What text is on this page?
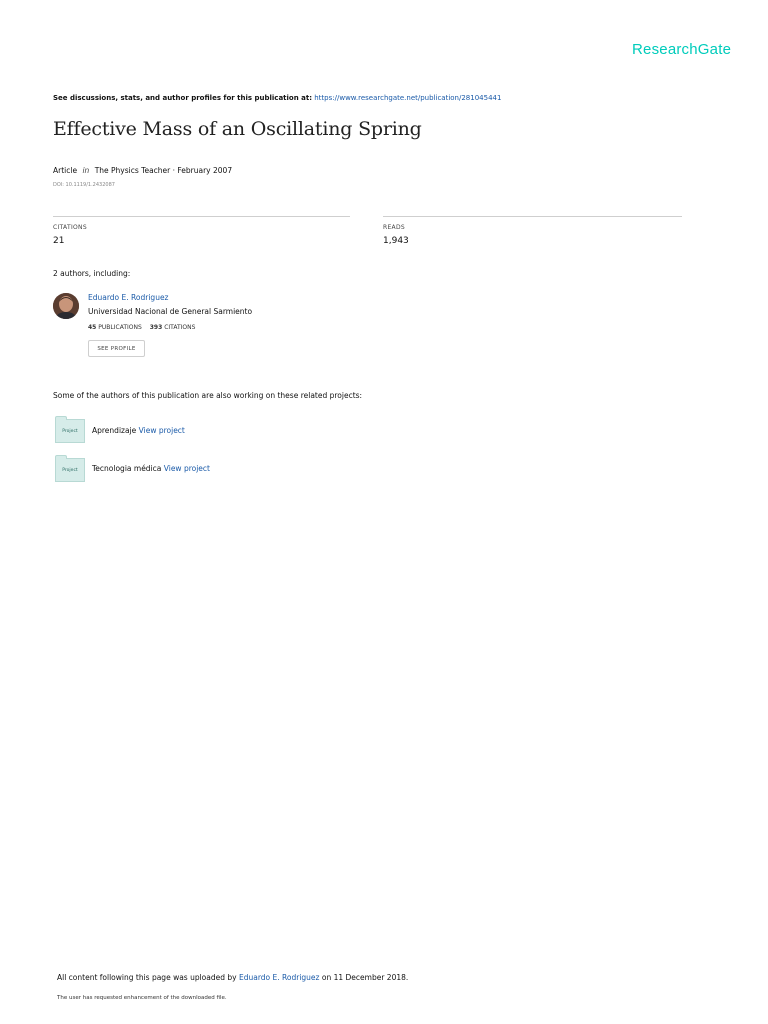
ResearchGate
See discussions, stats, and author profiles for this publication at: https://www.researchgate.net/publication/281045441
Effective Mass of an Oscillating Spring
Article in The Physics Teacher · February 2007
DOI: 10.1119/1.2432087
CITATIONS
21
READS
1,943
2 authors, including:
Eduardo E. Rodriguez
Universidad Nacional de General Sarmiento
45 PUBLICATIONS 393 CITATIONS
SEE PROFILE
Some of the authors of this publication are also working on these related projects:
Project Aprendizaje View project
Project Tecnologia médica View project
All content following this page was uploaded by Eduardo E. Rodriguez on 11 December 2018.
The user has requested enhancement of the downloaded file.
